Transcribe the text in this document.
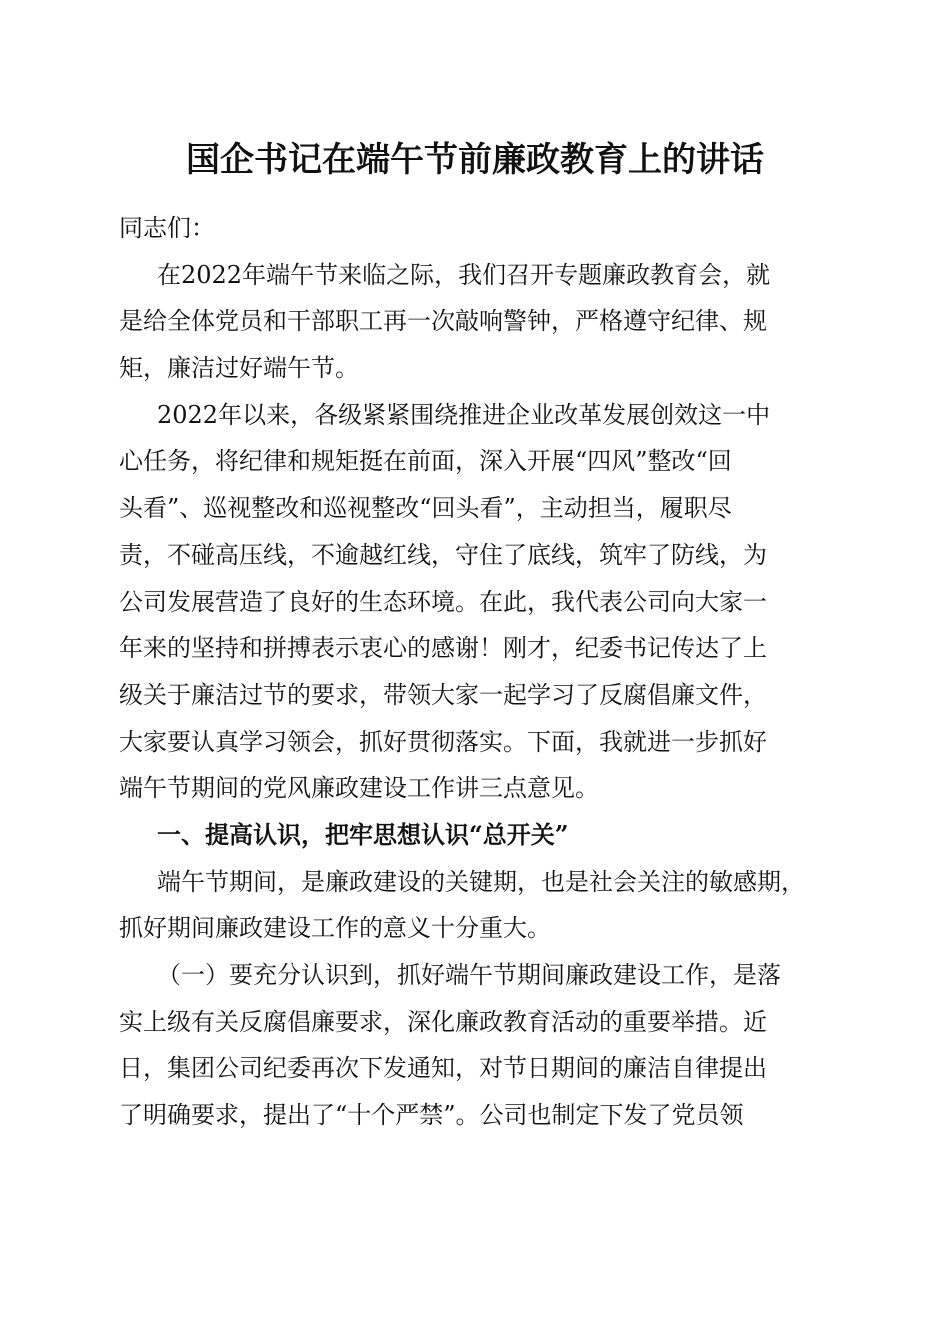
国企书记在端午节前廉政教育上的讲话
同志们：
在2022年端午节来临之际，我们召开专题廉政教育会，就
是给全体党员和干部职工再一次敲响警钟，严格遵守纪律、规
矩，廉洁过好端午节。
2022年以来，各级紧紧围绕推进企业改革发展创效这一中
心任务，将纪律和规矩挺在前面，深入开展“四风”整改“回
头看”、巡视整改和巡视整改“回头看”，主动担当，履职尽
责，不碰高压线，不逾越红线，守住了底线，筑牢了防线，为
公司发展营造了良好的生态环境。在此，我代表公司向大家一
年来的坚持和拼搏表示衷心的感谢！刚才，纪委书记传达了上
级关于廉洁过节的要求，带领大家一起学习了反腐倡廉文件，
大家要认真学习领会，抓好贯彻落实。下面，我就进一步抓好
端午节期间的党风廉政建设工作讲三点意见。
一、提高认识，把牢思想认识“总开关”
端午节期间，是廉政建设的关键期，也是社会关注的敏感期，
抓好期间廉政建设工作的意义十分重大。
（一）要充分认识到，抓好端午节期间廉政建设工作，是落
实上级有关反腐倡廉要求，深化廉政教育活动的重要举措。近
日，集团公司纪委再次下发通知，对节日期间的廉洁自律提出
了明确要求，提出了“十个严禁”。公司也制定下发了党员领
